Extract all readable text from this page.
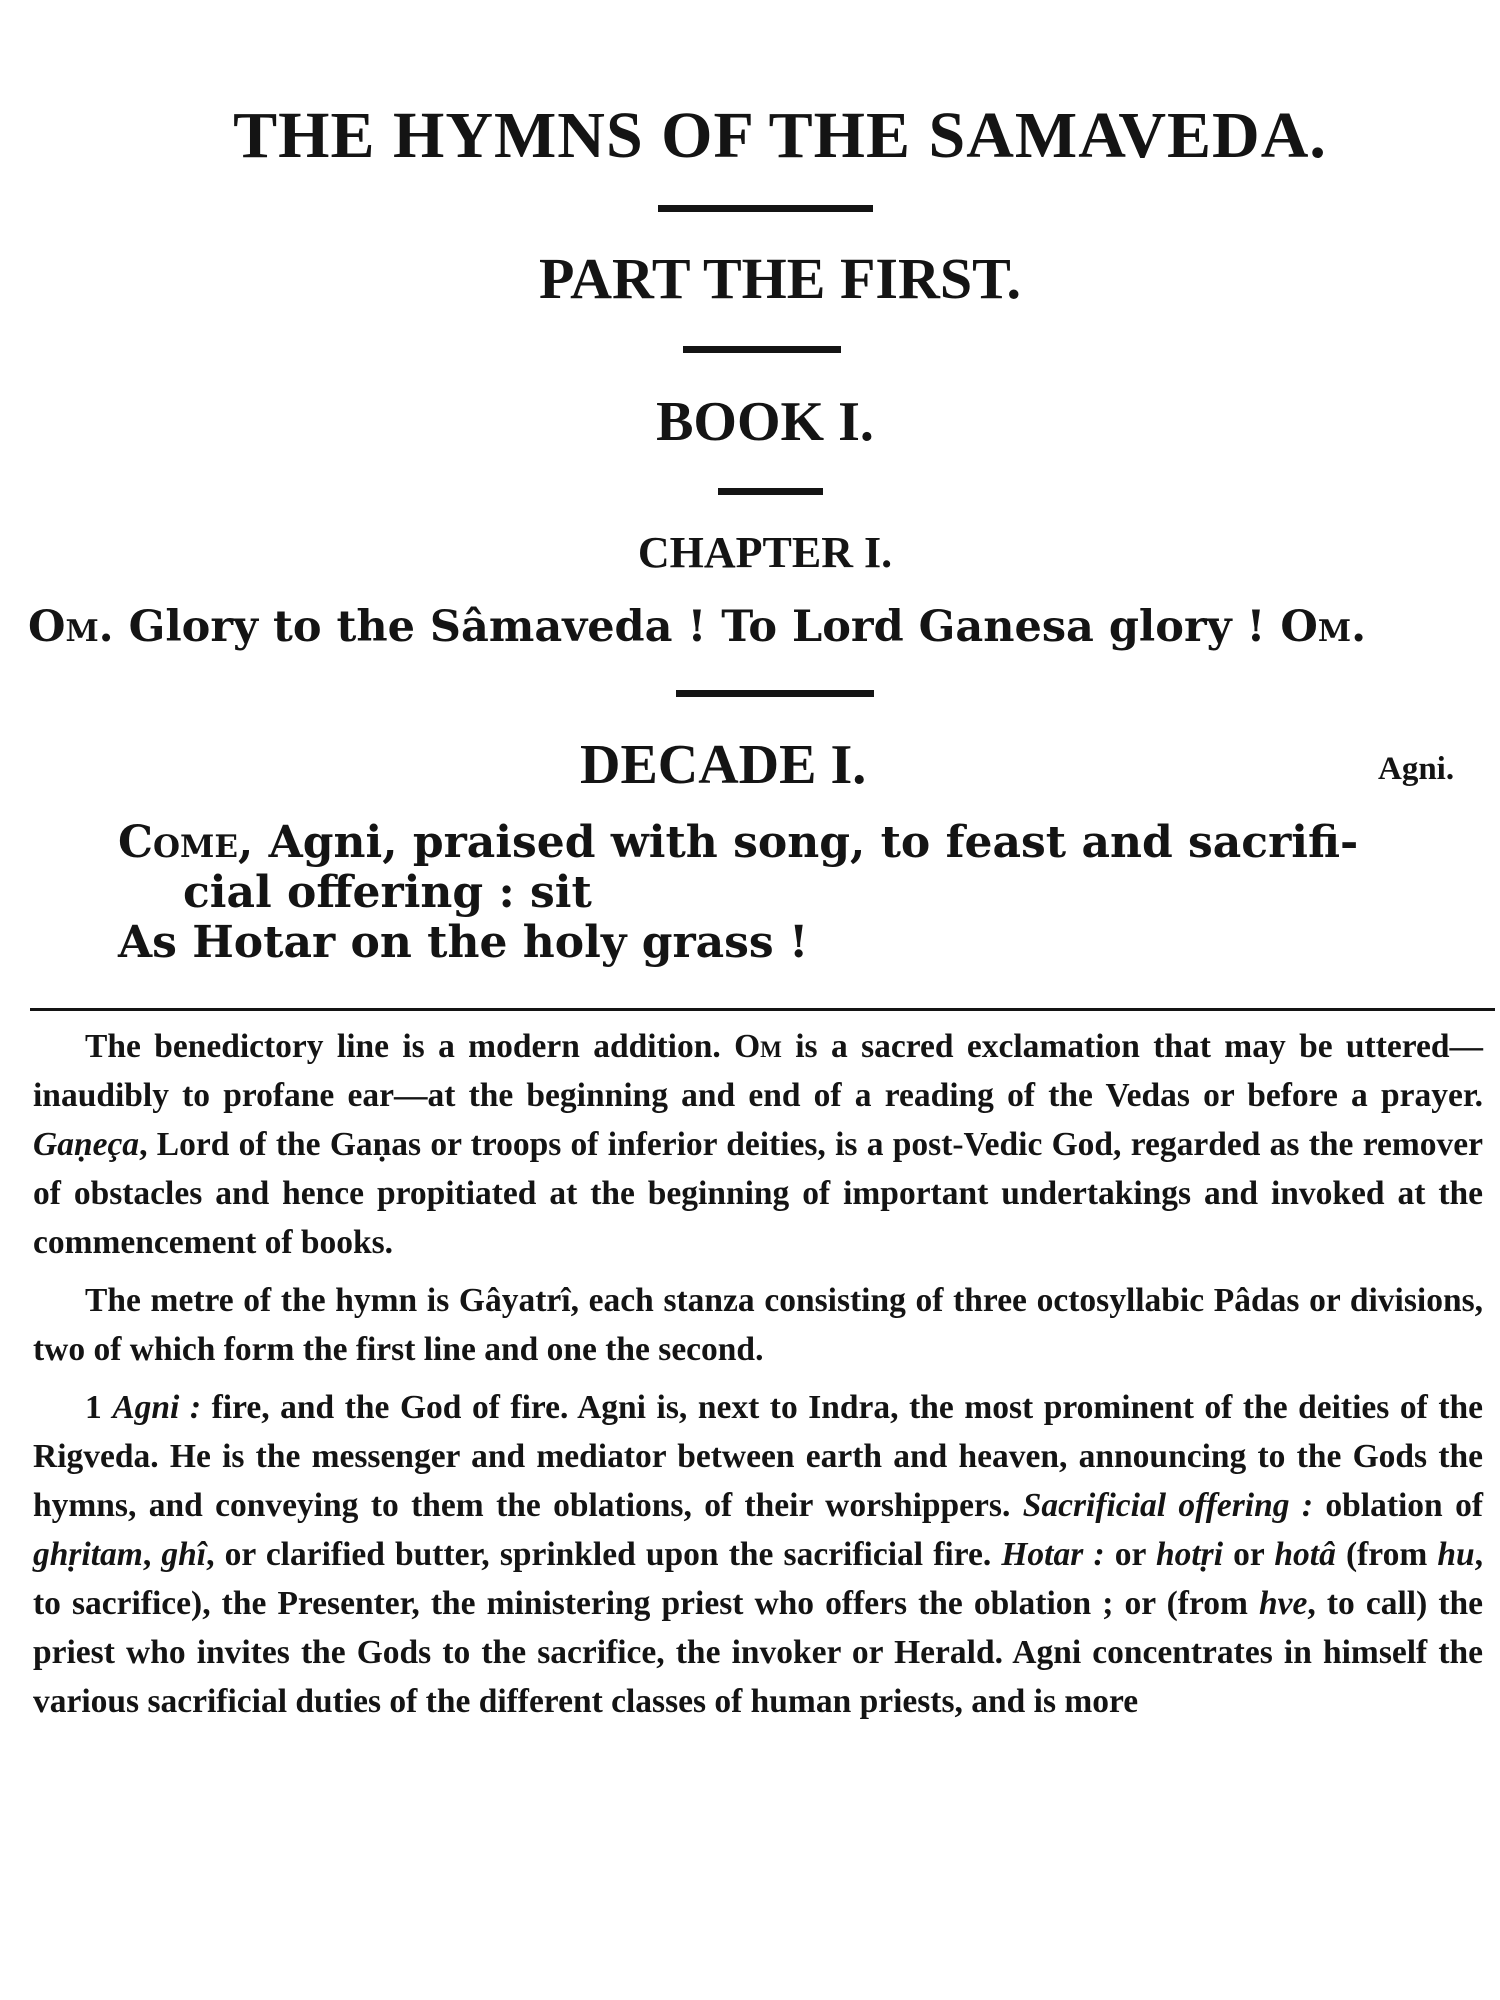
THE HYMNS OF THE SAMAVEDA.
PART THE FIRST.
BOOK I.
CHAPTER I.
Om. Glory to the Sâmaveda ! To Lord Ganesa glory ! Om.
DECADE I.	Agni.
Come, Agni, praised with song, to feast and sacrifi-
cial offering : sit
As Hotar on the holy grass !

The benedictory line is a modern addition. Om is a sacred exclamation that may be uttered—inaudibly to profane ear—at the beginning and end of a reading of the Vedas or before a prayer. Gaṇeça, Lord of the Gaṇas or troops of inferior deities, is a post-Vedic God, regarded as the remover of obstacles and hence propitiated at the beginning of important undertakings and invoked at the commencement of books.

The metre of the hymn is Gâyatrî, each stanza consisting of three octosyllabic Pâdas or divisions, two of which form the first line and one the second.

1 Agni : fire, and the God of fire. Agni is, next to Indra, the most prominent of the deities of the Rigveda. He is the messenger and mediator between earth and heaven, announcing to the Gods the hymns, and conveying to them the oblations, of their worshippers. Sacrificial offering : oblation of ghṛitam, ghî, or clarified butter, sprinkled upon the sacrificial fire. Hotar : or hotṛi or hotâ (from hu, to sacrifice), the Presenter, the ministering priest who offers the oblation ; or (from hve, to call) the priest who invites the Gods to the sacrifice, the invoker or Herald. Agni concentrates in himself the various sacrificial duties of the different classes of human priests, and is more
